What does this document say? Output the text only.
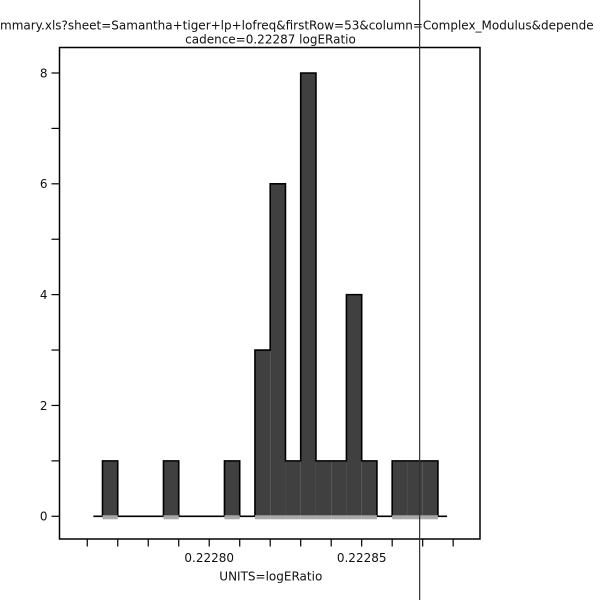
mmary.xls?sheet=Samantha+tiger+lp+lofreq&firstRow=53&column=Complex_Modulus&depende
cadence=0.22287 logERatio
0.22280	0.22285
0
2
4
6
8
UNITS=logERatio
